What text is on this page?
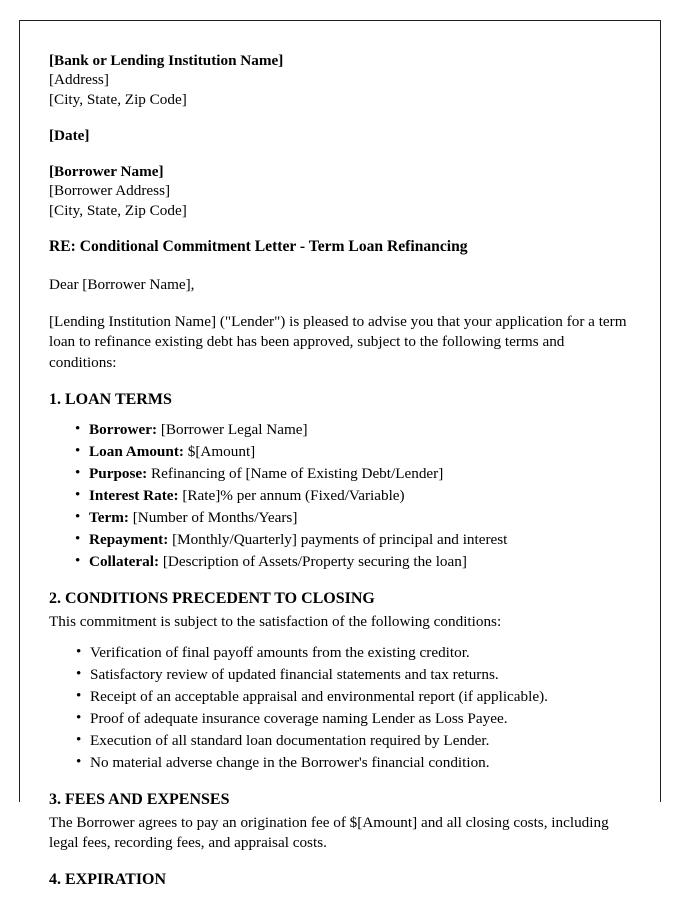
[Bank or Lending Institution Name]
[Address]
[City, State, Zip Code]
[Date]
[Borrower Name]
[Borrower Address]
[City, State, Zip Code]
RE: Conditional Commitment Letter - Term Loan Refinancing
Dear [Borrower Name],
[Lending Institution Name] ("Lender") is pleased to advise you that your application for a term loan to refinance existing debt has been approved, subject to the following terms and conditions:
1. LOAN TERMS
• Borrower: [Borrower Legal Name]
• Loan Amount: $[Amount]
• Purpose: Refinancing of [Name of Existing Debt/Lender]
• Interest Rate: [Rate]% per annum (Fixed/Variable)
• Term: [Number of Months/Years]
• Repayment: [Monthly/Quarterly] payments of principal and interest
• Collateral: [Description of Assets/Property securing the loan]
2. CONDITIONS PRECEDENT TO CLOSING
This commitment is subject to the satisfaction of the following conditions:
• Verification of final payoff amounts from the existing creditor.
• Satisfactory review of updated financial statements and tax returns.
• Receipt of an acceptable appraisal and environmental report (if applicable).
• Proof of adequate insurance coverage naming Lender as Loss Payee.
• Execution of all standard loan documentation required by Lender.
• No material adverse change in the Borrower's financial condition.
3. FEES AND EXPENSES
The Borrower agrees to pay an origination fee of $[Amount] and all closing costs, including legal fees, recording fees, and appraisal costs.
4. EXPIRATION
